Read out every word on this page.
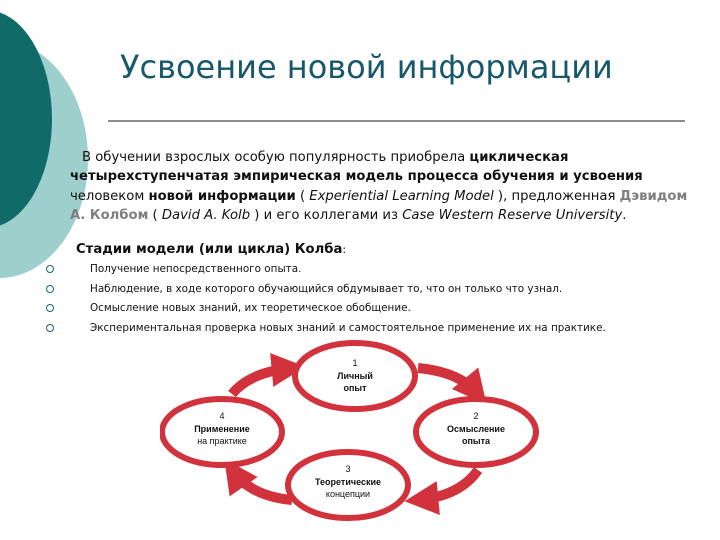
Усвоение новой информации
В обучении взрослых особую популярность приобрела циклическая четырехступенчатая эмпирическая модель процесса обучения и усвоения человеком новой информации ( Experiential Learning Model ), предложенная Дэвидом А. Колбом ( David A. Kolb ) и его коллегами из Case Western Reserve University.
Стадии модели (или цикла) Колба:
Получение непосредственного опыта.
Наблюдение, в ходе которого обучающийся обдумывает то, что он только что узнал.
Осмысление новых знаний, их теоретическое обобщение.
Экспериментальная проверка новых знаний и самостоятельное применение их на практике.
1
Личный
опыт
2
Осмысление
опыта
3
Теоретические
концепции
4
Применение
на практике
